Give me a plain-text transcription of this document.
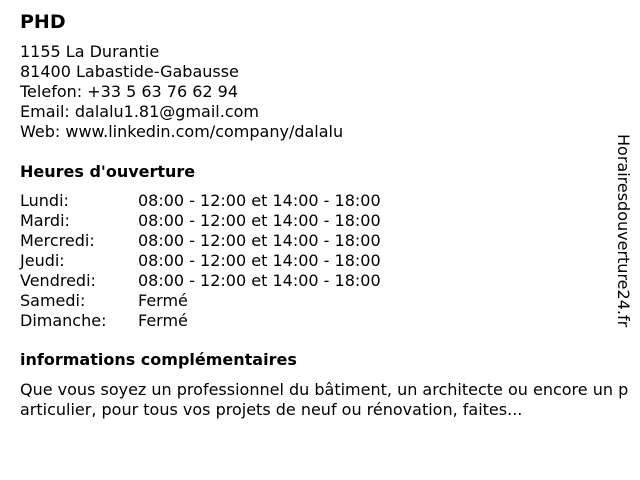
PHD
1155 La Durantie
81400 Labastide-Gabausse
Telefon: +33 5 63 76 62 94
Email: dalalu1.81@gmail.com
Web: www.linkedin.com/company/dalalu
Heures d'ouverture
Lundi:	08:00 - 12:00 et 14:00 - 18:00
Mardi:	08:00 - 12:00 et 14:00 - 18:00
Mercredi:	08:00 - 12:00 et 14:00 - 18:00
Jeudi:	08:00 - 12:00 et 14:00 - 18:00
Vendredi:	08:00 - 12:00 et 14:00 - 18:00
Samedi:	Fermé
Dimanche:	Fermé
informations complémentaires
Que vous soyez un professionnel du bâtiment, un architecte ou encore un particulier, pour tous vos projets de neuf ou rénovation, faites...
Horairesdouverture24.fr
